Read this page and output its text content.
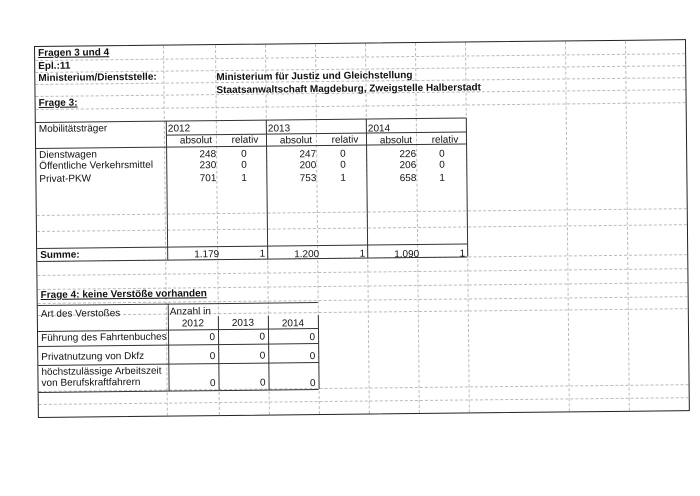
Fragen 3 und 4
Epl.:11
Ministerium/Dienststelle:	Ministerium für Justiz und Gleichstellung
Staatsanwaltschaft Magdeburg, Zweigstelle Halberstadt
Frage 3:
Mobilitätsträger	2012	2013	2014
absolut	relativ	absolut	relativ	absolut	relativ
Dienstwagen	248 0	247 0	226 0
Öffentliche Verkehrsmittel	230 0	200 0	206 0
Privat-PKW	701 1	753 1	658 1
Summe:	1.179	1	1.200	1	1.090	1
Frage 4: keine Verstöße vorhanden
Art des Verstoßes	Anzahl in
2012	2013	2014
Führung des Fahrtenbuches	0	0	0
Privatnutzung von Dkfz	0	0	0
höchstzulässige Arbeitszeit
von Berufskraftfahrern	0	0	0
